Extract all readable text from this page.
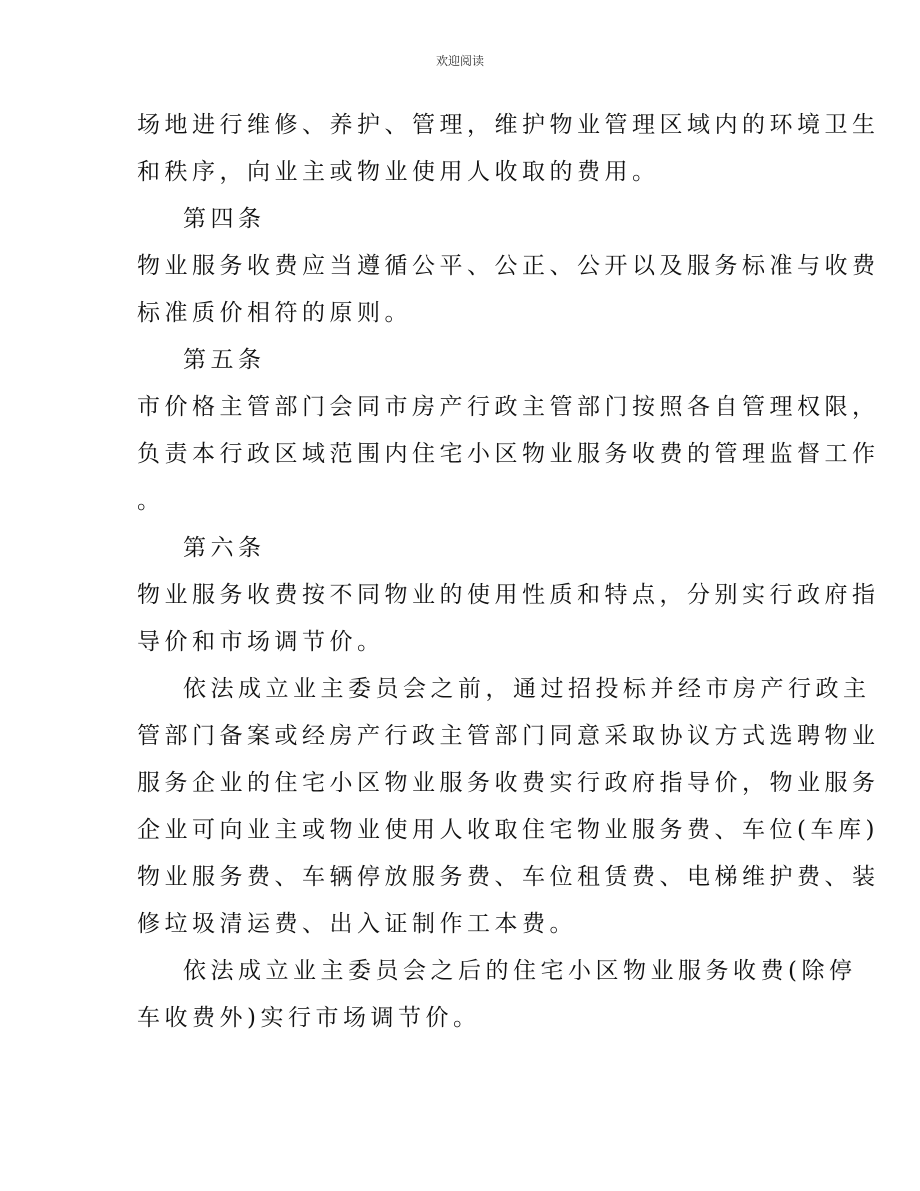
欢迎阅读
场地进行维修、养护、管理，维护物业管理区域内的环境卫生
和秩序，向业主或物业使用人收取的费用。
第四条
物业服务收费应当遵循公平、公正、公开以及服务标准与收费
标准质价相符的原则。
第五条
市价格主管部门会同市房产行政主管部门按照各自管理权限，
负责本行政区域范围内住宅小区物业服务收费的管理监督工作
。
第六条
物业服务收费按不同物业的使用性质和特点，分别实行政府指
导价和市场调节价。
依法成立业主委员会之前，通过招投标并经市房产行政主
管部门备案或经房产行政主管部门同意采取协议方式选聘物业
服务企业的住宅小区物业服务收费实行政府指导价，物业服务
企业可向业主或物业使用人收取住宅物业服务费、车位(车库)
物业服务费、车辆停放服务费、车位租赁费、电梯维护费、装
修垃圾清运费、出入证制作工本费。
依法成立业主委员会之后的住宅小区物业服务收费(除停
车收费外)实行市场调节价。
